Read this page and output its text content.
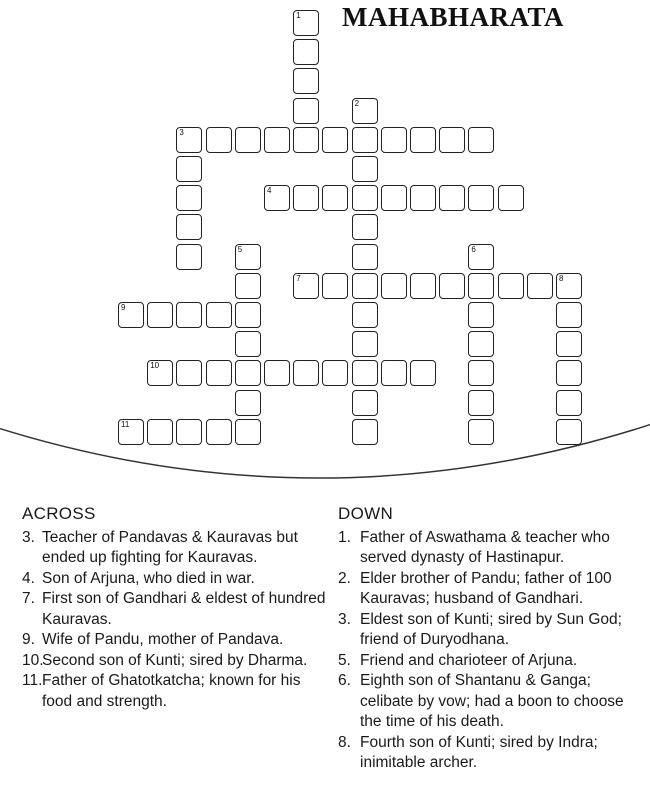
MAHABHARATA
3
4
7	8
9
10
11
1
2
5	6
ACROSS
3. Teacher of Pandavas & Kauravas but ended up fighting for Kauravas.
4. Son of Arjuna, who died in war.
7. First son of Gandhari & eldest of hundred Kauravas.
9. Wife of Pandu, mother of Pandava.
10.
Second son of Kunti; sired by Dharma.
11. Father of Ghatotkatcha; known for his food and strength.
DOWN
1. Father of Aswathama & teacher who served dynasty of Hastinapur.
2. Elder brother of Pandu; father of 100 Kauravas; husband of Gandhari.
3. Eldest son of Kunti; sired by Sun God; friend of Duryodhana.
5. Friend and charioteer of Arjuna.
6. Eighth son of Shantanu & Ganga; celibate by vow; had a boon to choose the time of his death.
8. Fourth son of Kunti; sired by Indra; inimitable archer.
